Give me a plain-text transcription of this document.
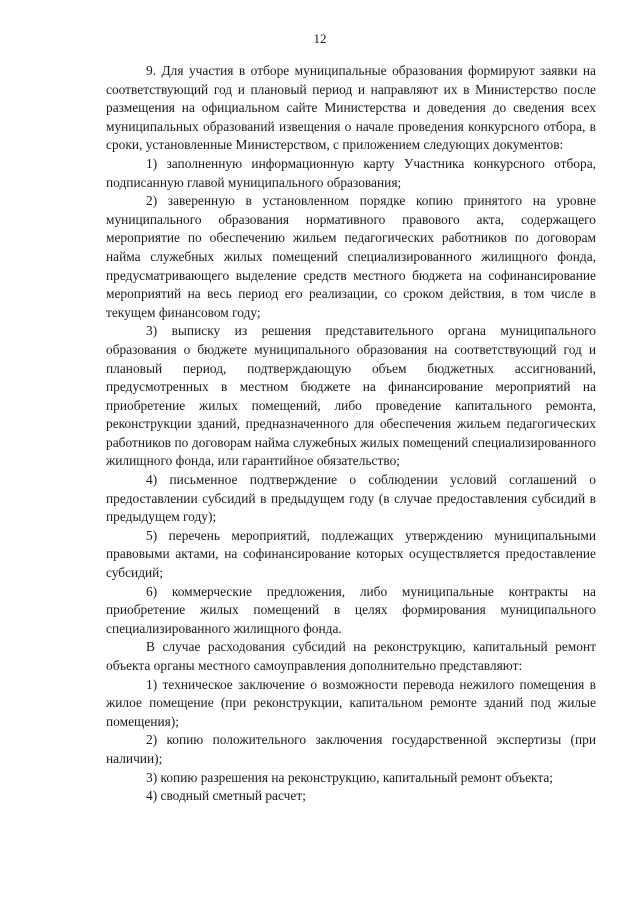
12

9. Для участия в отборе муниципальные образования формируют заявки на соответствующий год и плановый период и направляют их в Министерство после размещения на официальном сайте Министерства и доведения до сведения всех муниципальных образований извещения о начале проведения конкурсного отбора, в сроки, установленные Министерством, с приложением следующих документов:

1) заполненную информационную карту Участника конкурсного отбора, подписанную главой муниципального образования;

2) заверенную в установленном порядке копию принятого на уровне муниципального образования нормативного правового акта, содержащего мероприятие по обеспечению жильем педагогических работников по договорам найма служебных жилых помещений специализированного жилищного фонда, предусматривающего выделение средств местного бюджета на софинансирование мероприятий на весь период его реализации, со сроком действия, в том числе в текущем финансовом году;

3) выписку из решения представительного органа муниципального образования о бюджете муниципального образования на соответствующий год и плановый период, подтверждающую объем бюджетных ассигнований, предусмотренных в местном бюджете на финансирование мероприятий на приобретение жилых помещений, либо проведение капитального ремонта, реконструкции зданий, предназначенного для обеспечения жильем педагогических работников по договорам найма служебных жилых помещений специализированного жилищного фонда, или гарантийное обязательство;

4) письменное подтверждение о соблюдении условий соглашений о предоставлении субсидий в предыдущем году (в случае предоставления субсидий в предыдущем году);

5) перечень мероприятий, подлежащих утверждению муниципальными правовыми актами, на софинансирование которых осуществляется предоставление субсидий;

6) коммерческие предложения, либо муниципальные контракты на приобретение жилых помещений в целях формирования муниципального специализированного жилищного фонда.

В случае расходования субсидий на реконструкцию, капитальный ремонт объекта органы местного самоуправления дополнительно представляют:

1) техническое заключение о возможности перевода нежилого помещения в жилое помещение (при реконструкции, капитальном ремонте зданий под жилые помещения);

2) копию положительного заключения государственной экспертизы (при наличии);

3) копию разрешения на реконструкцию, капитальный ремонт объекта;

4) сводный сметный расчет;
